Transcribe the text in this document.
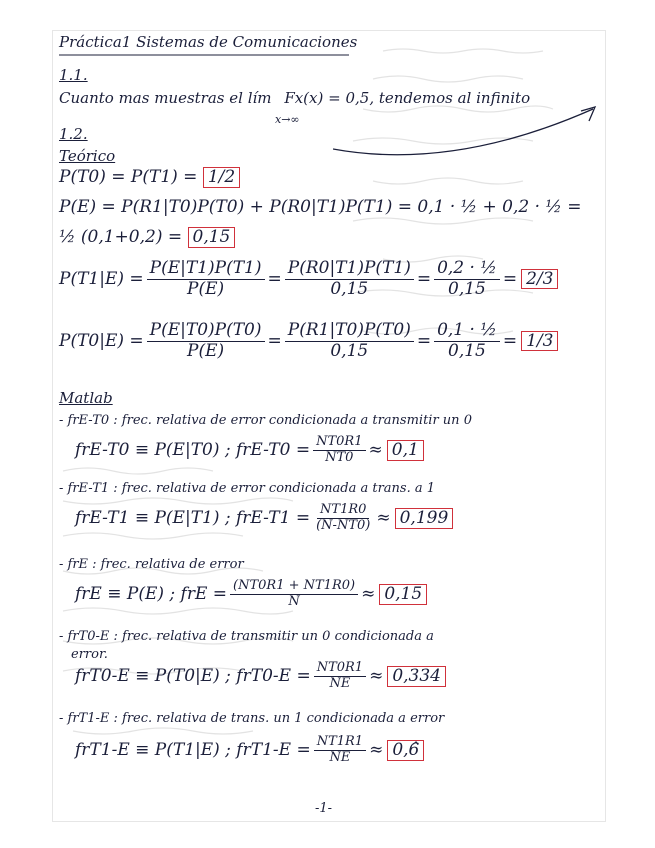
Práctica1 Sistemas de Comunicaciones
1.1.
Cuanto mas muestras el lím Fx(x) = 0,5, tendemos al infinito
x→∞
1.2.
Teórico
P(T0) = P(T1) = 1/2
P(E) = P(R1|T0)P(T0) + P(R0|T1)P(T1) = 0,1 · ½ + 0,2 · ½ =
½ (0,1+0,2) = 0,15
$P(T1|E) = \frac{P(E|T1)P(T1)}{P(E)} = \frac{P(R0|T1)P(T1)}{0,15} = \frac{\text{0,2 · ½}}{0,15} = 2/3$
$P(T0|E) = \frac{P(E|T0)P(T0)}{P(E)} = \frac{P(R1|T0)P(T0)}{0,15} = \frac{\text{0,1 · ½}}{0,15} = 1/3$
Matlab
- frE-T0 : frec. relativa de error condicionada a transmitir un 0
frE-T0 ≡ P(E|T0) ; $frE-T0 = \frac{NT0R1}{NT0} \approx 0,1$
- frE-T1 : frec. relativa de error condicionada a trans. a 1
frE-T1 ≡ P(E|T1) ; $frE-T1 = \frac{NT1R0}{(N-NT0)} \approx 0,199$
- frE : frec. relativa de error
frE ≡ P(E) ; frE = $\frac{(NT0R1 + NT1R0)}{N} \approx 0,15$
- frT0-E : frec. relativa de transmitir un 0 condicionada a
error.
frT0-E ≡ P(T0|E) ; $frT0-E = \frac{NT0R1}{NE} \approx 0,334$
- frT1-E : frec. relativa de trans. un 1 condicionada a error
frT1-E ≡ P(T1|E) ; $frT1-E = \frac{NT1R1}{NE}$ ≈ 0,6̂
-1-
